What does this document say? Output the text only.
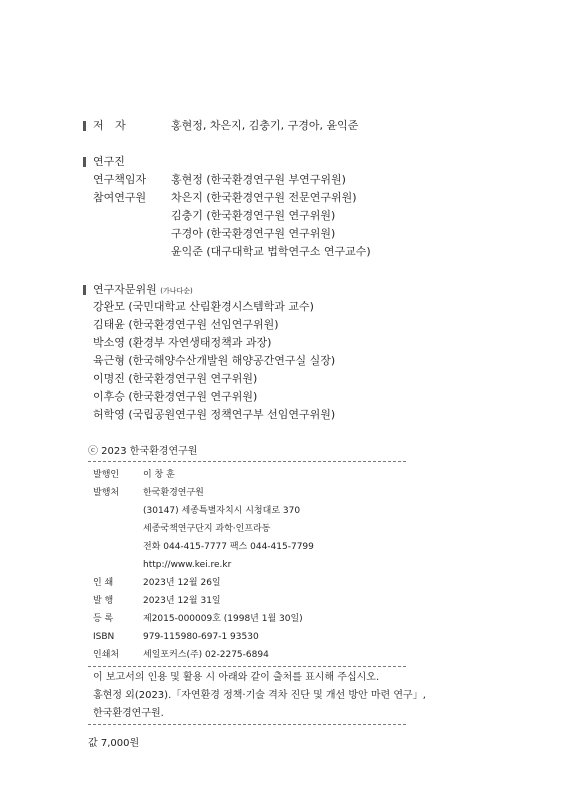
저 자	홍현정, 차은지, 김충기, 구경아, 윤익준
연구진
연구책임자 홍현정 (한국환경연구원 부연구위원)
참여연구원 차은지 (한국환경연구원 전문연구위원)
김충기 (한국환경연구원 연구위원)
구경아 (한국환경연구원 연구위원)
윤익준 (대구대학교 법학연구소 연구교수)
연구자문위원 (가나다순)
강완모 (국민대학교 산림환경시스템학과 교수)
김태윤 (한국환경연구원 선임연구위원)
박소영 (환경부 자연생태정책과 과장)
육근형 (한국해양수산개발원 해양공간연구실 실장)
이명진 (한국환경연구원 연구위원)
이후승 (한국환경연구원 연구위원)
허학영 (국립공원연구원 정책연구부 선임연구위원)
ⓒ 2023 한국환경연구원
발행인	이 창 훈
발행처	한국환경연구원
(30147) 세종특별자치시 시청대로 370
세종국책연구단지 과학·인프라동
전화 044-415-7777 팩스 044-415-7799
http://www.kei.re.kr
인 쇄	2023년 12월 26일
발 행	2023년 12월 31일
등 록	제2015-000009호 (1998년 1월 30일)
ISBN	979-115980-697-1 93530
인쇄처	세일포커스(주) 02-2275-6894
이 보고서의 인용 및 활용 시 아래와 같이 출처를 표시해 주십시오.
홍현정 외(2023).「자연환경 정책·기술 격차 진단 및 개선 방안 마련 연구」,
한국환경연구원.
값 7,000원
